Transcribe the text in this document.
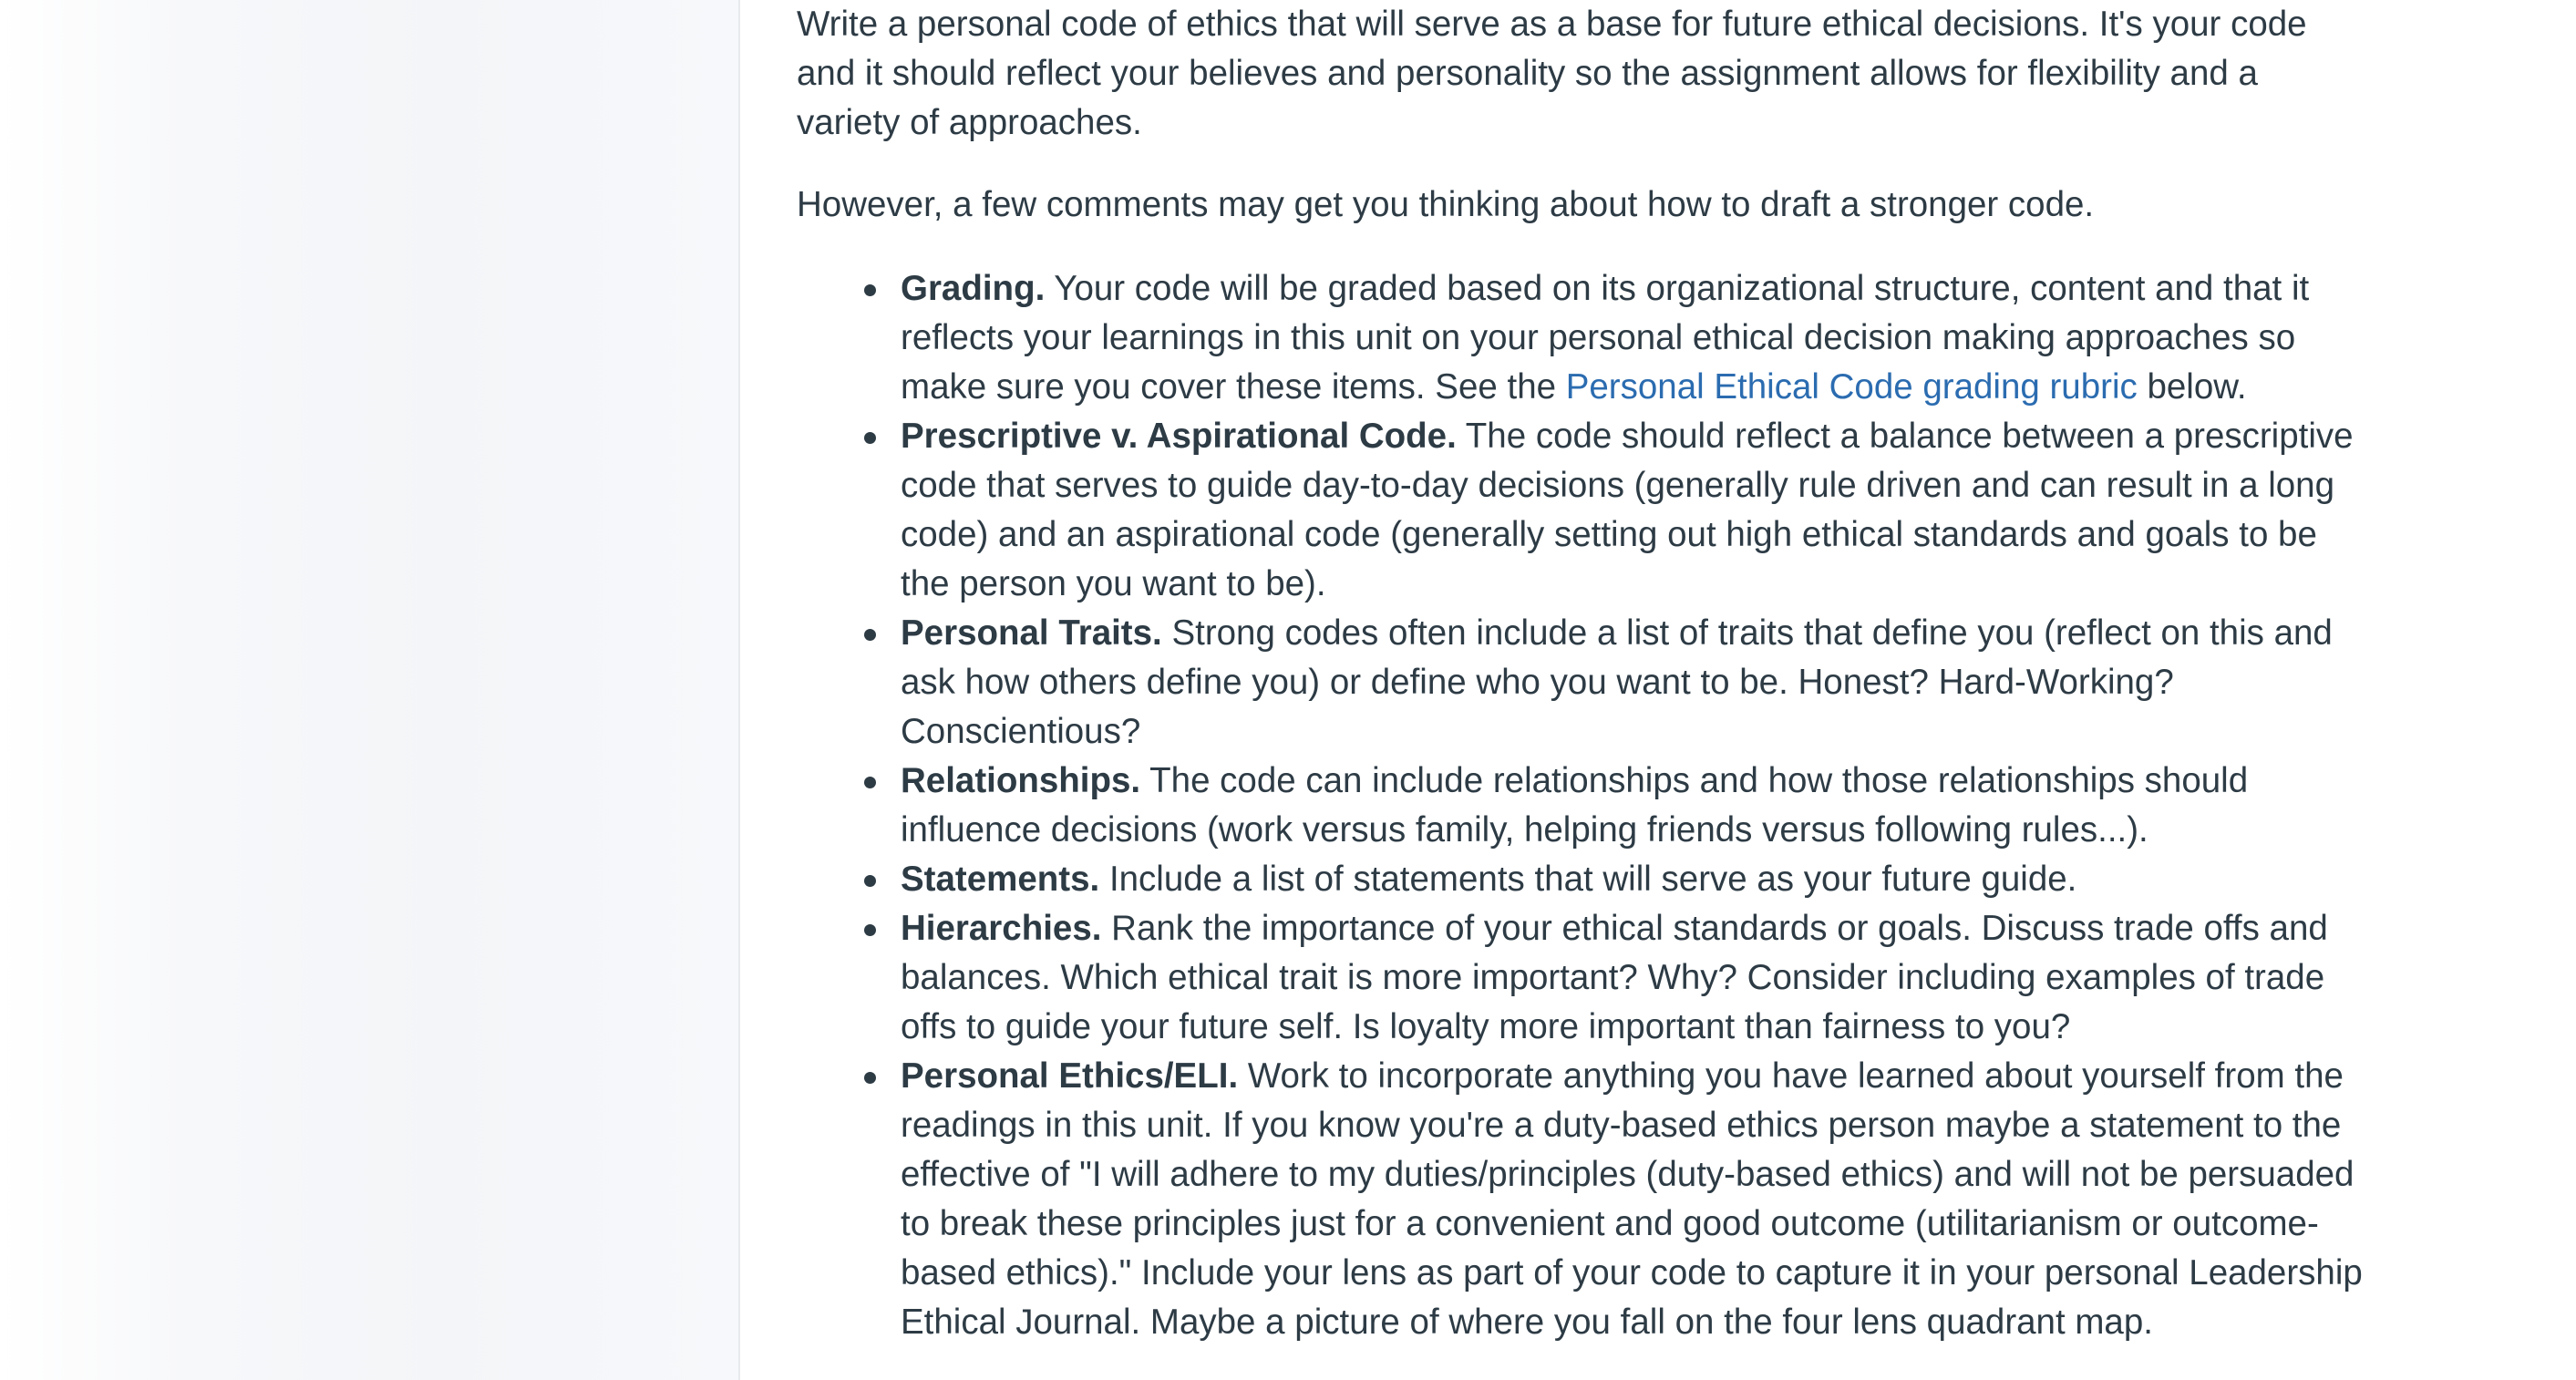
Write a personal code of ethics that will serve as a base for future ethical decisions. It's your code and it should reflect your believes and personality so the assignment allows for flexibility and a variety of approaches.

However, a few comments may get you thinking about how to draft a stronger code.

Grading. Your code will be graded based on its organizational structure, content and that it reflects your learnings in this unit on your personal ethical decision making approaches so make sure you cover these items. See the Personal Ethical Code grading rubric below.
Prescriptive v. Aspirational Code. The code should reflect a balance between a prescriptive code that serves to guide day-to-day decisions (generally rule driven and can result in a long code) and an aspirational code (generally setting out high ethical standards and goals to be the person you want to be).
Personal Traits. Strong codes often include a list of traits that define you (reflect on this and ask how others define you) or define who you want to be. Honest? Hard-Working? Conscientious?
Relationships. The code can include relationships and how those relationships should influence decisions (work versus family, helping friends versus following rules...).
Statements. Include a list of statements that will serve as your future guide.
Hierarchies. Rank the importance of your ethical standards or goals. Discuss trade offs and balances. Which ethical trait is more important? Why? Consider including examples of trade offs to guide your future self. Is loyalty more important than fairness to you?
Personal Ethics/ELI. Work to incorporate anything you have learned about yourself from the readings in this unit. If you know you're a duty-based ethics person maybe a statement to the effective of "I will adhere to my duties/principles (duty-based ethics) and will not be persuaded to break these principles just for a convenient and good outcome (utilitarianism or outcome-based ethics)." Include your lens as part of your code to capture it in your personal Leadership Ethical Journal. Maybe a picture of where you fall on the four lens quadrant map.
